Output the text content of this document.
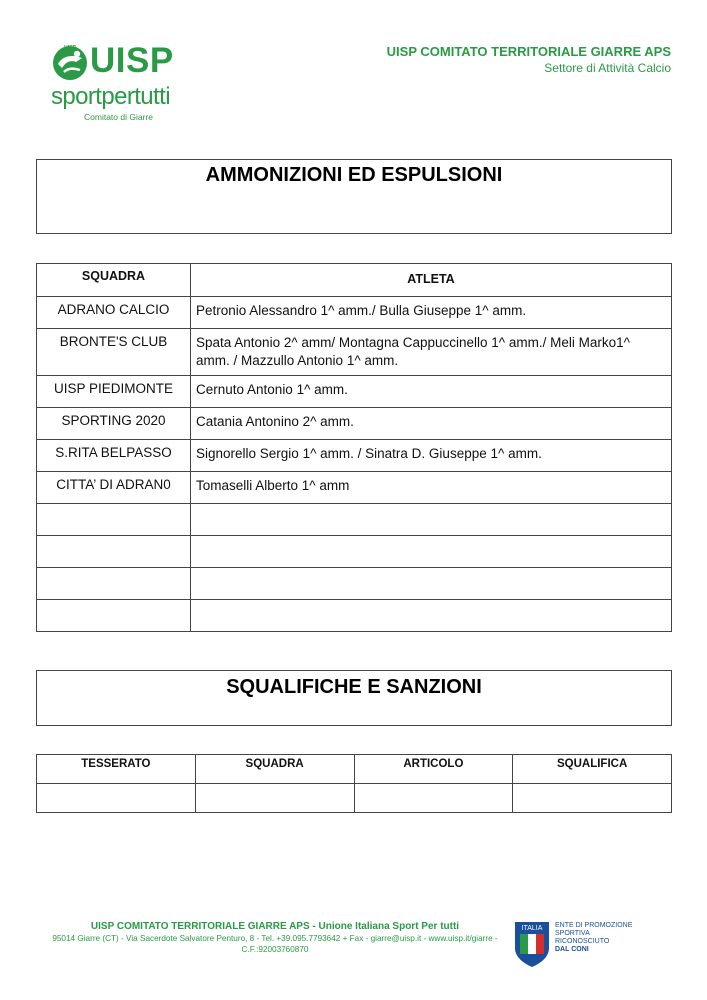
UISP UISP
sportpertutti
Comitato di Giarre
UISP COMITATO TERRITORIALE GIARRE APS
Settore di Attività Calcio
AMMONIZIONI ED ESPULSIONI
SQUADRA	ATLETA
ADRANO CALCIO	Petronio Alessandro 1^ amm./ Bulla Giuseppe 1^ amm.
BRONTE'S CLUB	Spata Antonio 2^ amm/ Montagna Cappuccinello 1^ amm./ Meli Marko1^ amm. / Mazzullo Antonio 1^ amm.
UISP PIEDIMONTE	Cernuto Antonio 1^ amm.
SPORTING 2020	Catania Antonino 2^ amm.
S.RITA BELPASSO	Signorello Sergio 1^ amm. / Sinatra D. Giuseppe 1^ amm.
CITTA’ DI ADRAN0	Tomaselli Alberto 1^ amm

SQUALIFICHE E SANZIONI
TESSERATO	SQUADRA	ARTICOLO	SQUALIFICA

UISP COMITATO TERRITORIALE GIARRE APS - Unione Italiana Sport Per tutti
95014 Giarre (CT) - Via Sacerdote Salvatore Penturo, 8 - Tel. +39.095.7793642 + Fax - giarre@uisp.it - www.uisp.it/giarre -
C.F.:92003760870
ITALIA ENTE DI PROMOZIONE
SPORTIVA
RICONOSCIUTO
DAL CONI
